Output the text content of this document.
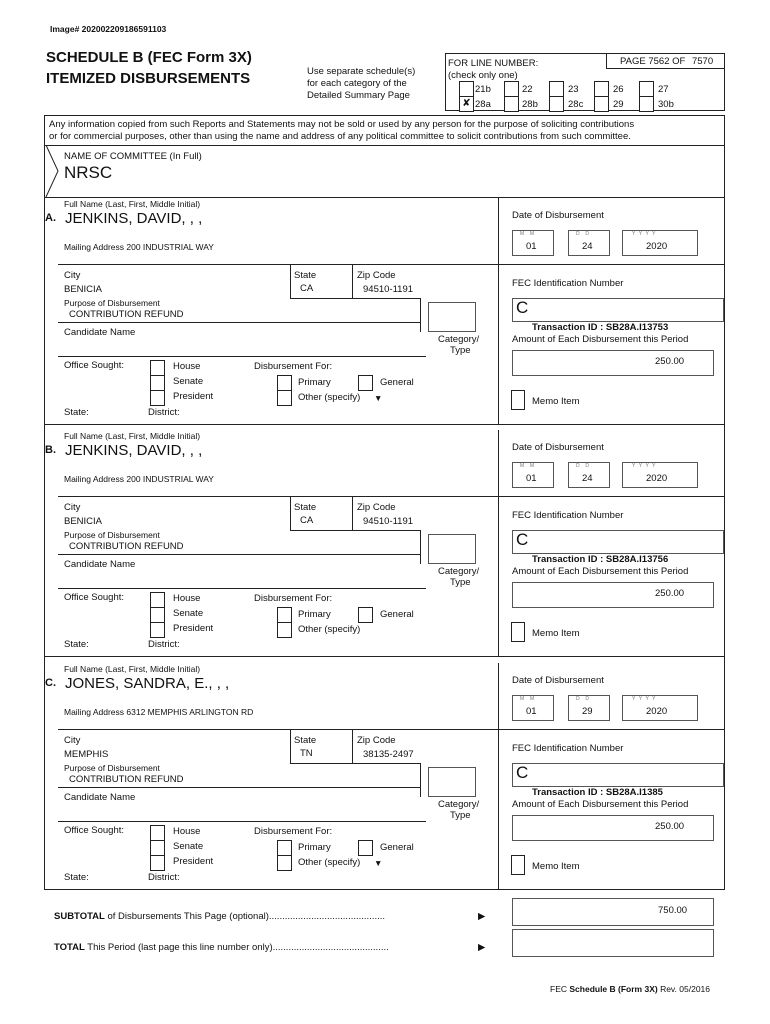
Image# 202002209186591103
SCHEDULE B (FEC Form 3X)
ITEMIZED DISBURSEMENTS	Use separate schedule(s)
for each category of the
Detailed Summary Page
FOR LINE NUMBER:
(check only one)
PAGE 7562 OF 7570
21b	22	23	26	27
✘ 28a	28b	28c	29	30b
Any information copied from such Reports and Statements may not be sold or used by any person for the purpose of soliciting contributions
or for commercial purposes, other than using the name and address of any political committee to solicit contributions from such committee.
NAME OF COMMITTEE (In Full)
NRSC
Full Name (Last, First, Middle Initial)
A. JENKINS, DAVID, , ,
Mailing Address 200 INDUSTRIAL WAY
City
BENICIA
State
CA
Zip Code
94510-1191
Purpose of Disbursement
CONTRIBUTION REFUND
Candidate Name
Category/
Type
Office Sought:	House
Senate
President
State:	District:
Disbursement For:
Primary	General
Other (specify) ▼
Date of Disbursement
M  M	D  D	Y Y Y Y
01	24	2020
FEC Identification Number
C
Transaction ID : SB28A.I13753
Amount of Each Disbursement this Period
250.00
Memo Item
Full Name (Last, First, Middle Initial)
B. JENKINS, DAVID, , ,
Mailing Address 200 INDUSTRIAL WAY
City
BENICIA
State
CA
Zip Code
94510-1191
Purpose of Disbursement
CONTRIBUTION REFUND
Candidate Name
Category/
Type
Office Sought:	House
Senate
President
State:	District:
Disbursement For:
Primary	General
Other (specify)
Date of Disbursement
M  M	D  D	Y Y Y Y
01	24	2020
FEC Identification Number
C
Transaction ID : SB28A.I13756
Amount of Each Disbursement this Period
250.00
Memo Item
Full Name (Last, First, Middle Initial)
C. JONES, SANDRA, E., , ,
Mailing Address 6312 MEMPHIS ARLINGTON RD
City
MEMPHIS
State
TN
Zip Code
38135-2497
Purpose of Disbursement
CONTRIBUTION REFUND
Candidate Name
Category/
Type
Office Sought:	House
Senate
President
State:	District:
Disbursement For:
Primary	General
Other (specify) ▼
Date of Disbursement
M  M	D  D	Y Y Y Y
01	29	2020
FEC Identification Number
C
Transaction ID : SB28A.I1385
Amount of Each Disbursement this Period
250.00
Memo Item
SUBTOTAL of Disbursements This Page (optional)............................................	▶
750.00
TOTAL This Period (last page this line number only)............................................	▶
FEC Schedule B (Form 3X) Rev. 05/2016
